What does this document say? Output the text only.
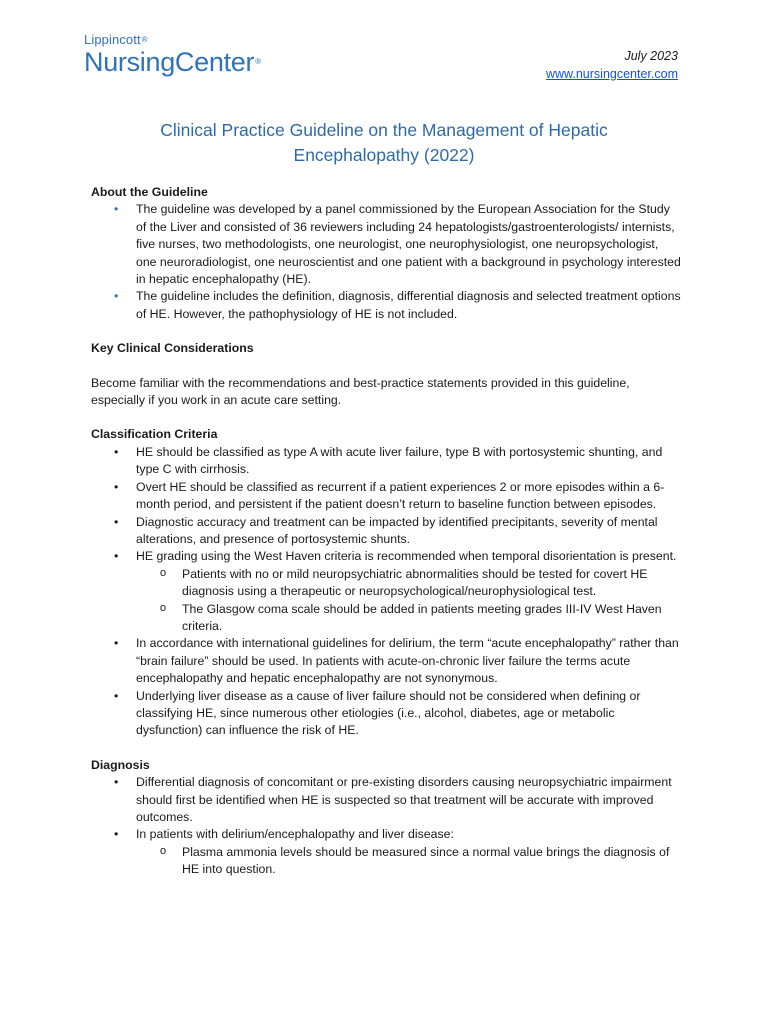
Lippincott®
NursingCenter®	July 2023
www.nursingcenter.com
Clinical Practice Guideline on the Management of Hepatic
Encephalopathy (2022)

About the Guideline

• The guideline was developed by a panel commissioned by the European Association for the Study of the Liver and consisted of 36 reviewers including 24 hepatologists/gastroenterologists/ internists, five nurses, two methodologists, one neurologist, one neurophysiologist, one neuropsychologist, one neuroradiologist, one neuroscientist and one patient with a background in psychology interested in hepatic encephalopathy (HE).
• The guideline includes the definition, diagnosis, differential diagnosis and selected treatment options of HE. However, the pathophysiology of HE is not included.

Key Clinical Considerations

Become familiar with the recommendations and best-practice statements provided in this guideline, especially if you work in an acute care setting.

Classification Criteria

• HE should be classified as type A with acute liver failure, type B with portosystemic shunting, and type C with cirrhosis.
• Overt HE should be classified as recurrent if a patient experiences 2 or more episodes within a 6-month period, and persistent if the patient doesn’t return to baseline function between episodes.
• Diagnostic accuracy and treatment can be impacted by identified precipitants, severity of mental alterations, and presence of portosystemic shunts.
• HE grading using the West Haven criteria is recommended when temporal disorientation is present.
o Patients with no or mild neuropsychiatric abnormalities should be tested for covert HE diagnosis using a therapeutic or neuropsychological/neurophysiological test.
o The Glasgow coma scale should be added in patients meeting grades III-IV West Haven criteria.
• In accordance with international guidelines for delirium, the term “acute encephalopathy” rather than “brain failure” should be used. In patients with acute-on-chronic liver failure the terms acute encephalopathy and hepatic encephalopathy are not synonymous.
• Underlying liver disease as a cause of liver failure should not be considered when defining or classifying HE, since numerous other etiologies (i.e., alcohol, diabetes, age or metabolic dysfunction) can influence the risk of HE.

Diagnosis

• Differential diagnosis of concomitant or pre-existing disorders causing neuropsychiatric impairment should first be identified when HE is suspected so that treatment will be accurate with improved outcomes.
• In patients with delirium/encephalopathy and liver disease:
o Plasma ammonia levels should be measured since a normal value brings the diagnosis of HE into question.
